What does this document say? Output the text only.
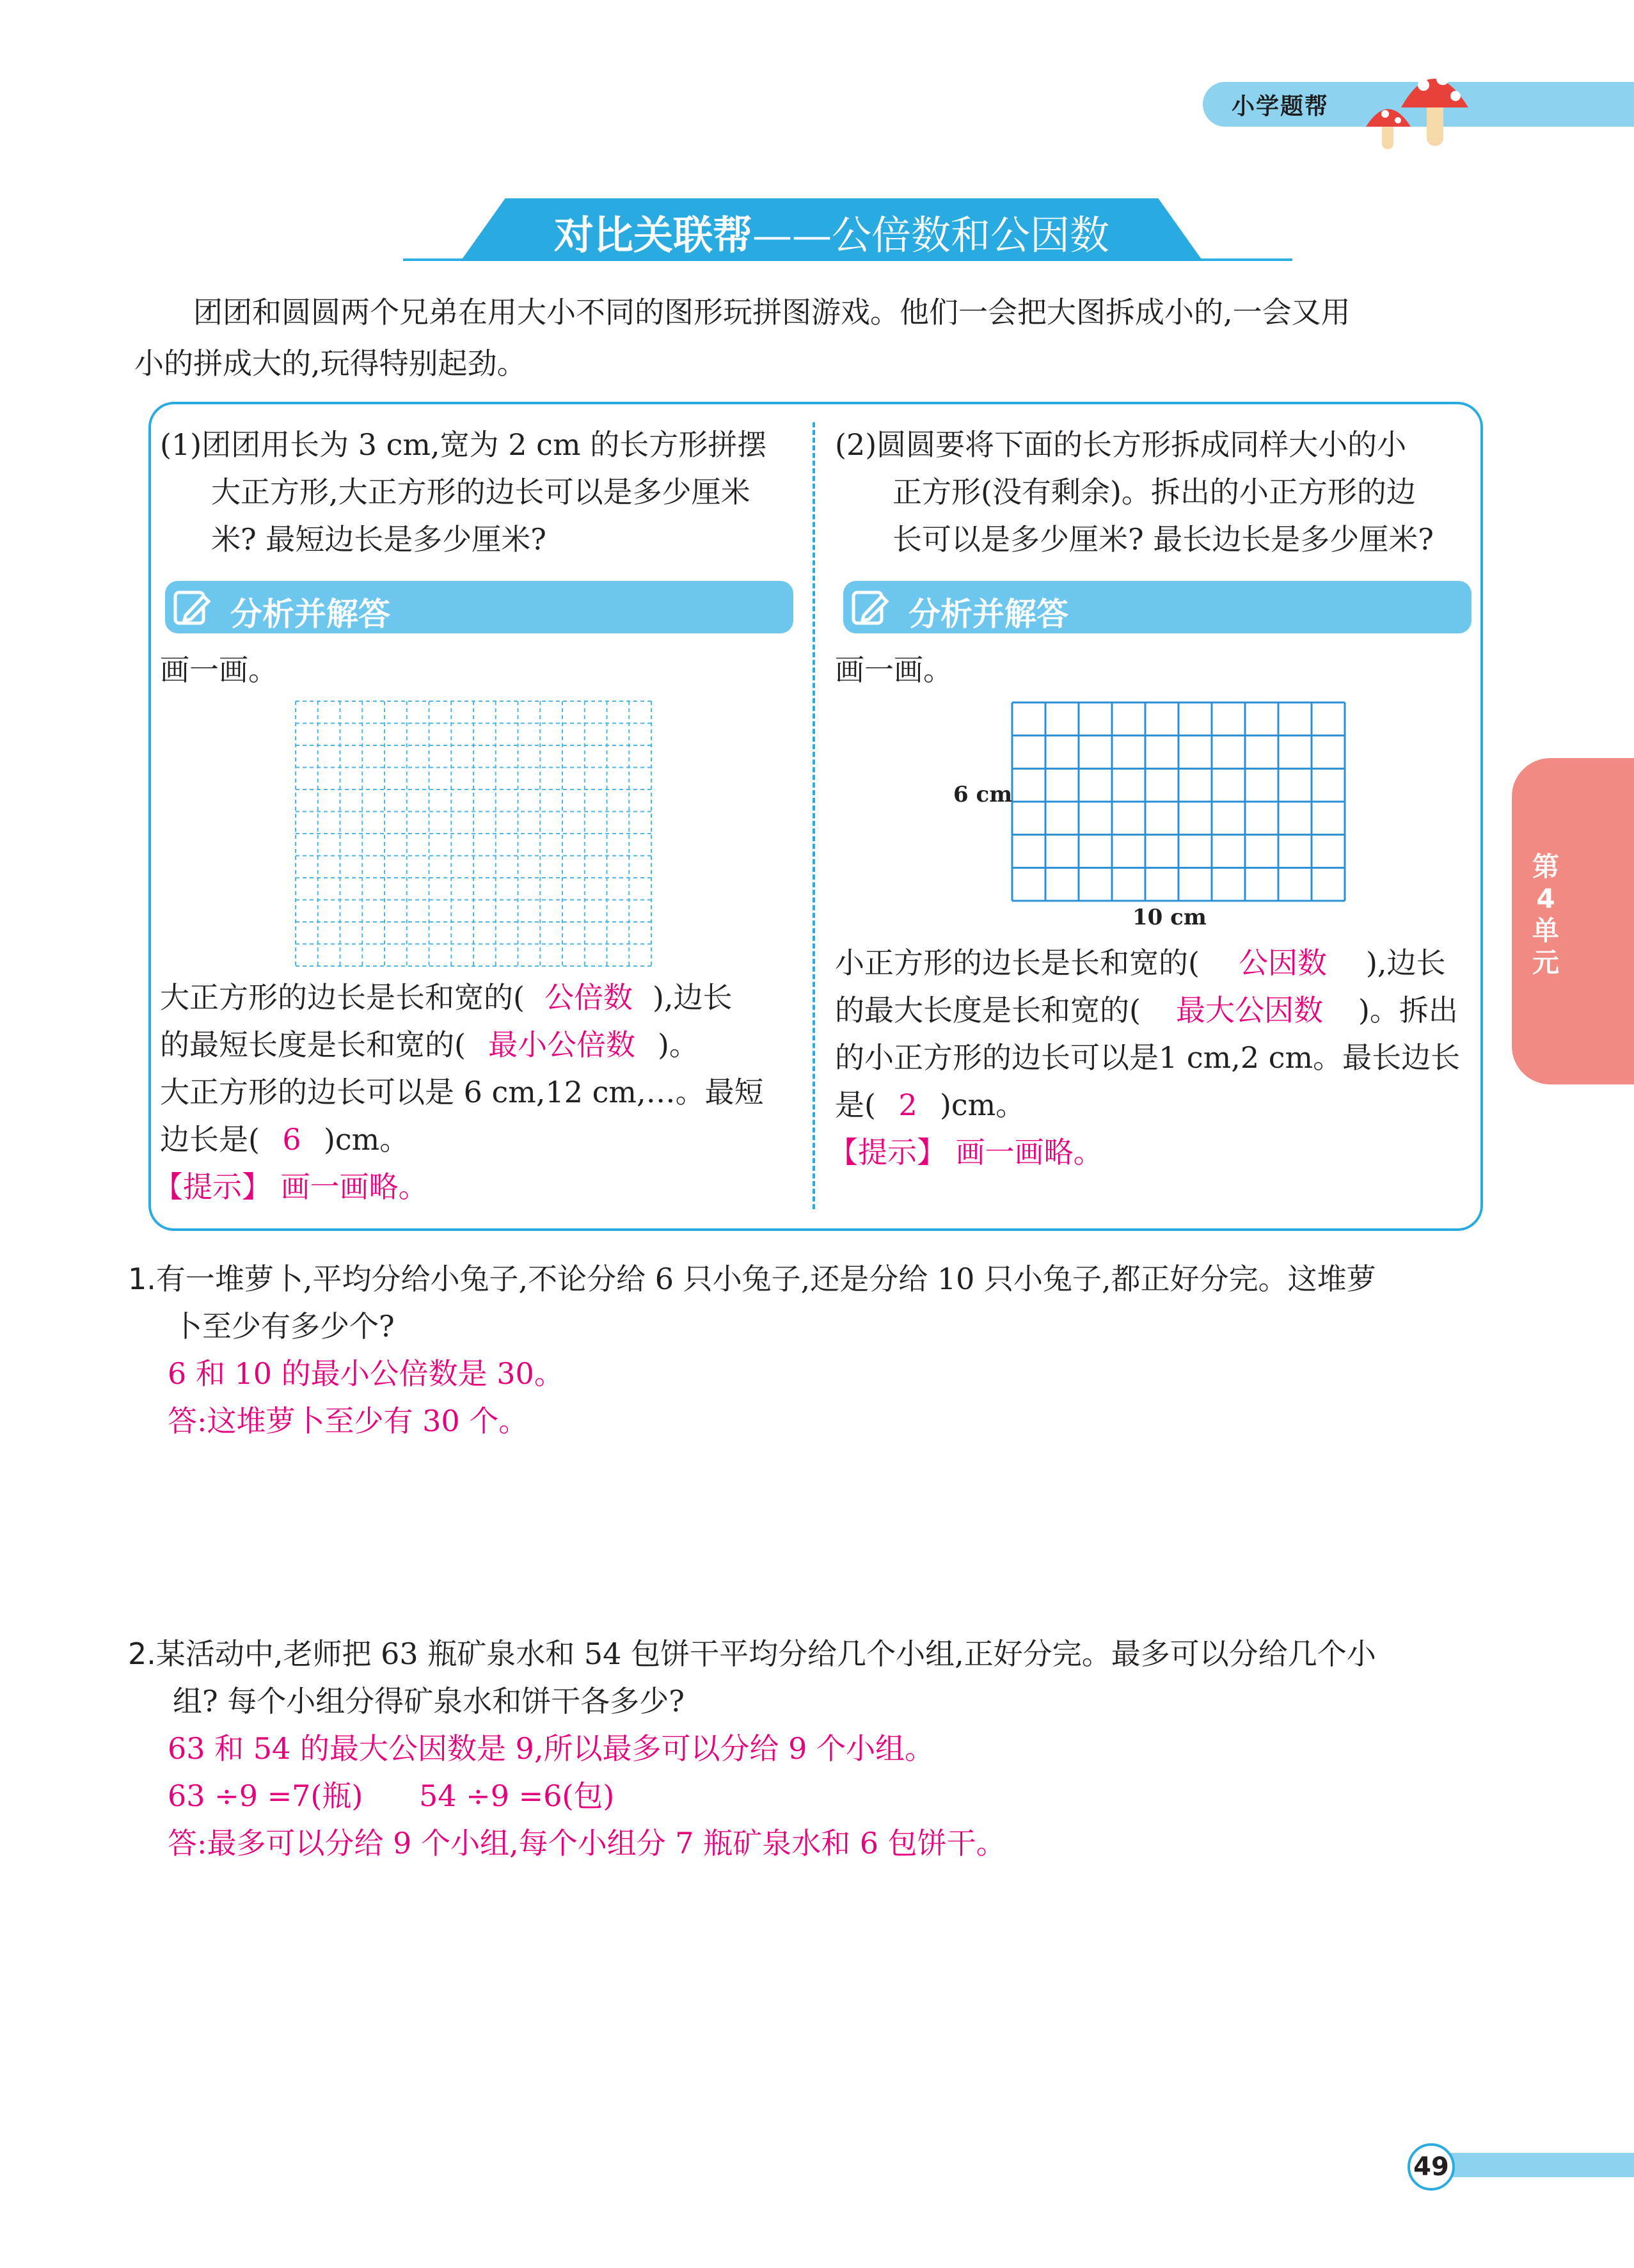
小学题帮
对比关联帮——公倍数和公因数
团团和圆圆两个兄弟在用大小不同的图形玩拼图游戏。他们一会把大图拆成小的,一会又用
小的拼成大的,玩得特别起劲。
(1)团团用长为 3 cm,宽为 2 cm 的长方形拼摆
大正方形,大正方形的边长可以是多少厘米
米? 最短边长是多少厘米?
分析并解答
画一画。
大正方形的边长是长和宽的( 公倍数 ),边长
的最短长度是长和宽的( 最小公倍数 )。
大正方形的边长可以是 6 cm,12 cm,…。最短
边长是( 6 )cm。
【提示】 画一画略。
(2)圆圆要将下面的长方形拆成同样大小的小
正方形(没有剩余)。拆出的小正方形的边
长可以是多少厘米? 最长边长是多少厘米?
分析并解答
画一画。
6 cm
10 cm
小正方形的边长是长和宽的( 公因数 ),边长
的最大长度是长和宽的( 最大公因数 )。拆出
的小正方形的边长可以是1 cm,2 cm。最长边长
是( 2 )cm。
【提示】 画一画略。
1.有一堆萝卜,平均分给小兔子,不论分给 6 只小兔子,还是分给 10 只小兔子,都正好分完。这堆萝
卜至少有多少个?
6 和 10 的最小公倍数是 30。
答:这堆萝卜至少有 30 个。
2.某活动中,老师把 63 瓶矿泉水和 54 包饼干平均分给几个小组,正好分完。最多可以分给几个小
组? 每个小组分得矿泉水和饼干各多少?
63 和 54 的最大公因数是 9,所以最多可以分给 9 个小组。
63 ÷9 =7(瓶)      54 ÷9 =6(包)
答:最多可以分给 9 个小组,每个小组分 7 瓶矿泉水和 6 包饼干。
第4单元
49
